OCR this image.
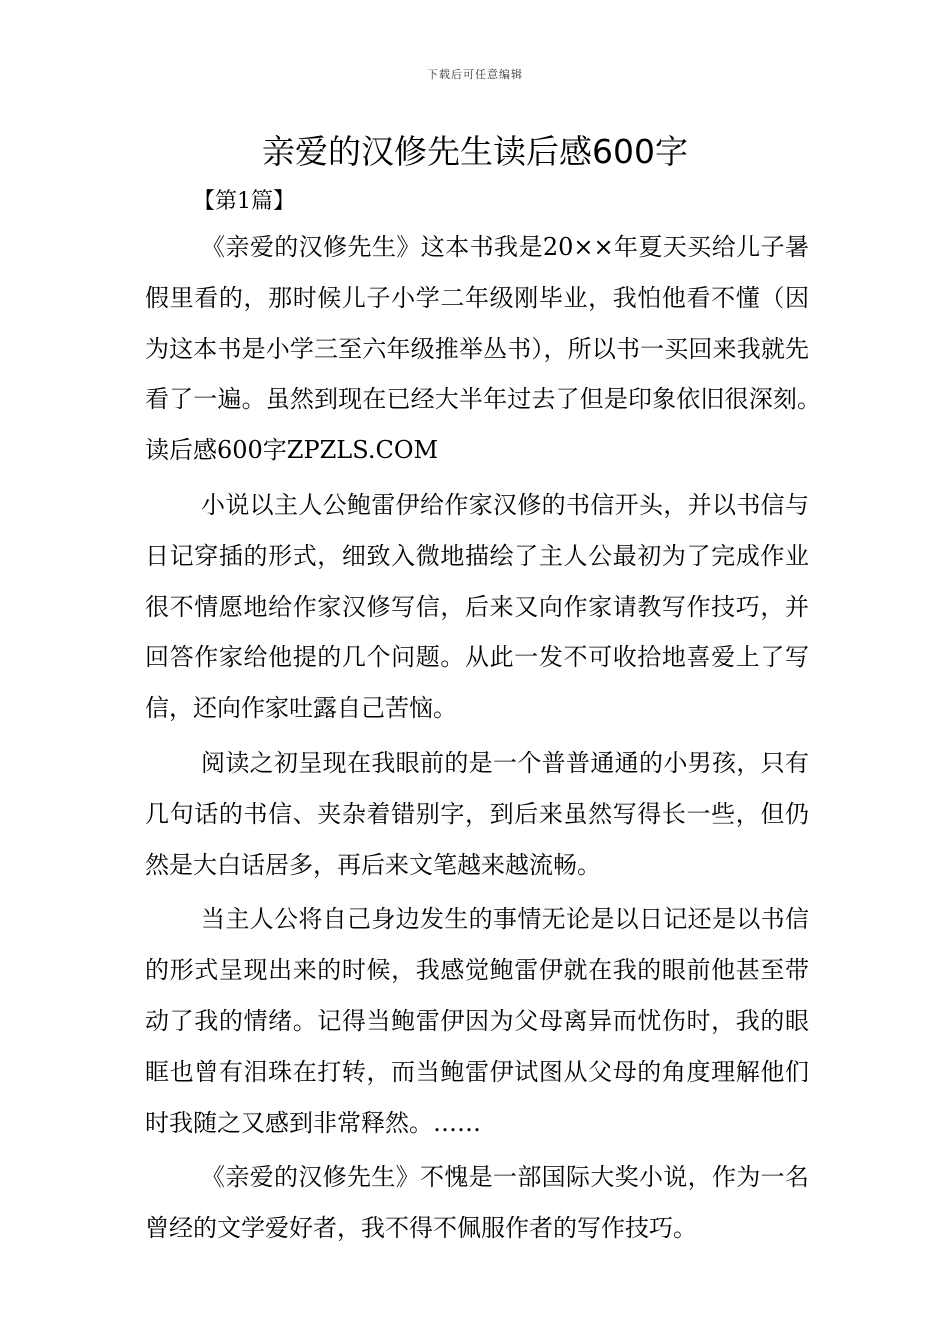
下载后可任意编辑
亲爱的汉修先生读后感600字
【第1篇】

《亲爱的汉修先生》这本书我是20××年夏天买给儿子暑假里看的，那时候儿子小学二年级刚毕业，我怕他看不懂（因为这本书是小学三至六年级推举丛书），所以书一买回来我就先看了一遍。虽然到现在已经大半年过去了但是印象依旧很深刻。　　读后感600字ZPZLS.COM

小说以主人公鲍雷伊给作家汉修的书信开头，并以书信与日记穿插的形式，细致入微地描绘了主人公最初为了完成作业很不情愿地给作家汉修写信，后来又向作家请教写作技巧，并回答作家给他提的几个问题。从此一发不可收拾地喜爱上了写信，还向作家吐露自己苦恼。

阅读之初呈现在我眼前的是一个普普通通的小男孩，只有几句话的书信、夹杂着错别字，到后来虽然写得长一些，但仍然是大白话居多，再后来文笔越来越流畅。

当主人公将自己身边发生的事情无论是以日记还是以书信的形式呈现出来的时候，我感觉鲍雷伊就在我的眼前他甚至带动了我的情绪。记得当鲍雷伊因为父母离异而忧伤时，我的眼眶也曾有泪珠在打转，而当鲍雷伊试图从父母的角度理解他们时我随之又感到非常释然。……

《亲爱的汉修先生》不愧是一部国际大奖小说，作为一名曾经的文学爱好者，我不得不佩服作者的写作技巧。
